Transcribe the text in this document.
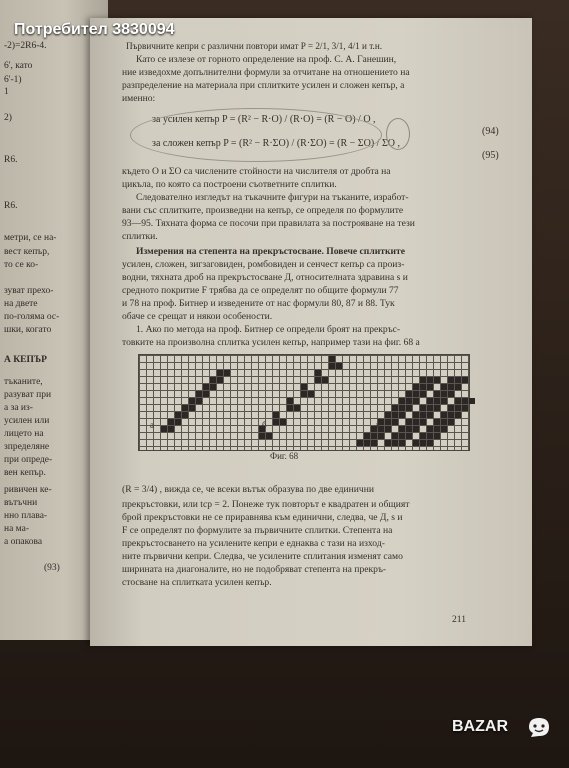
-2)=2R6-4.
6', като
6'-1)
1
2)
R6.
R6.
метри, се на-
вест кепър,
то се ко-
зуват прехо-
на двете
по-голяма ос-
шки, когато
А КЕПЪР
тъканите,
разуват при
а за из-
усилен или
лицето на
зпределяне
при опреде-
вен кепър.
ривичен ке-
вътъчни
нно плава-
на ма-
а опакова
(93)
Първичните кепри с различни повтори имат P = 2/1, 3/1, 4/1 и т.н.
Като се излезе от горното определение на проф. С. А. Ганешин,
ние изведохме допълнителни формули за отчитане на отношението на
разпределение на материала при сплитките усилен и сложен кепър, а
именно:
за усилен кепър P = (R² − R·O) / (R·O) = (R − O) / O ,
(94)
за сложен кепър P = (R² − R·ΣO) / (R·ΣO) = (R − ΣO) / ΣO ,
(95)
където O и ΣO са числените стойности на числителя от дробта на
цикъла, по която са построени съответните сплитки.
Следователно изгледът на тъкачните фигури на тъканите, изработ-
вани със сплитките, произведни на кепър, се определя по формулите
93—95. Тяхната форма се посочи при правилата за построяване на тези
сплитки.
Измерения на степента на прекръстосване. Повече сплитките
усилен, сложен, зигзаговиден, ромбовиден и сенчест кепър са произ-
водни, тяхната дроб на прекръстосване Д, относителната здравина s и
средното покритие F трябва да се определят по общите формули 77
и 78 на проф. Битнер и изведените от нас формули 80, 87 и 88. Тук
обаче се срещат и някои особености.
1. Ако по метода на проф. Битнер се определи броят на прекръс-
a	б	в
Фиг. 68
(R = 3/4) , вижда се, че всеки вътък образува по две единични
прекръстовки, или tср = 2. Понеже тук повторът е квадратен и общият
брой прекръстовки не се приравнява към единични, следва, че Д, s и
F се определят по формулите за първичните сплитки. Степента на
прекръстосването на усилените кепри е еднаква с тази на изход-
ните първични кепри. Следва, че усилените сплитания изменят само
ширината на диагоналите, но не подобряват степента на прекръ-
стосване на сплитката усилен кепър.
211
товките на произволна сплитка усилен кепър, например тази на фиг. 68 а
Потребител 3830094
BAZAR
